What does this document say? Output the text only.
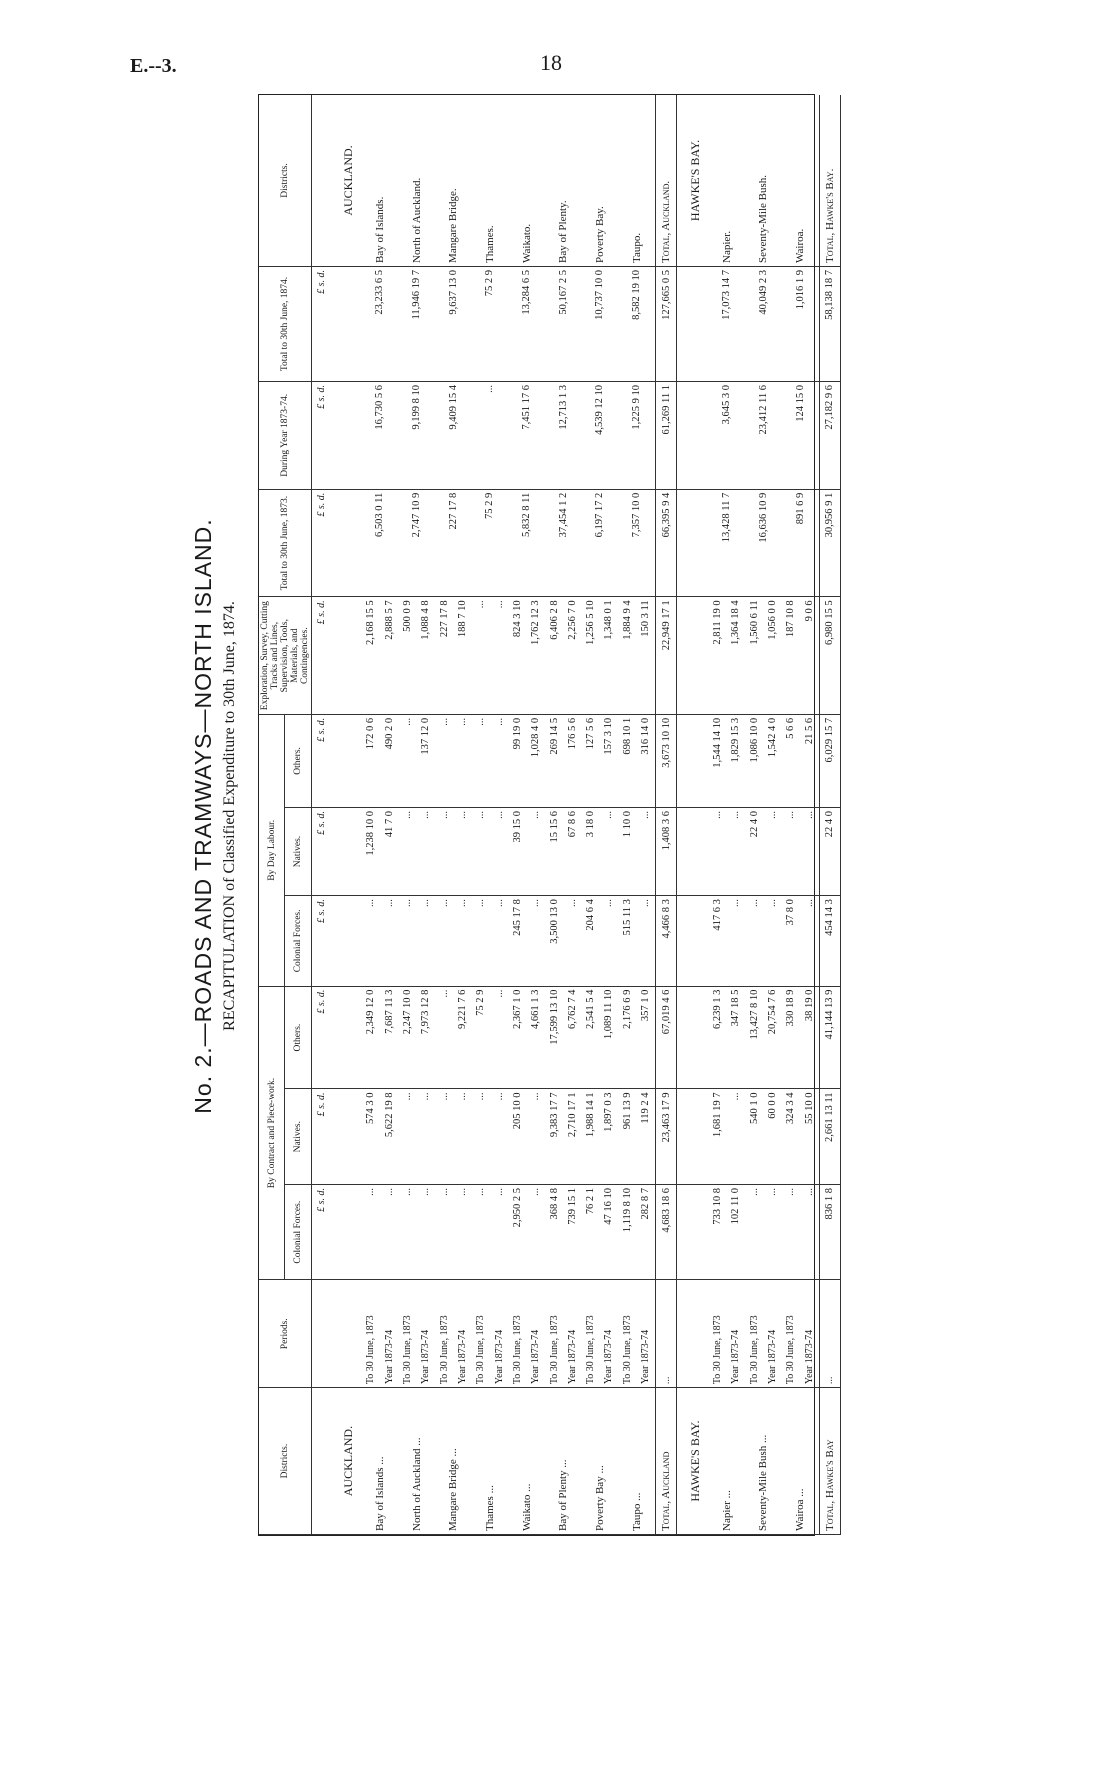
E.--3.	18
No. 2.—ROADS AND TRAMWAYS—NORTH ISLAND. RECAPITULATION of Classified Expenditure to 30th June, 1874.
Districts.	Periods.	By Contract and Piece-work.			By Day Labour.			Exploration, Survey, Cutting Tracks and Lines, Supervision, Tools, Materials, and Contingencies.	Total to 30th June, 1873.	During Year 1873-74.	Total to 30th June, 1874.	Districts.
		Colonial Forces.	Natives.	Others.	Colonial Forces.	Natives.	Others.					
		£ s. d.	£ s. d.	£ s. d.	£ s. d.	£ s. d.	£ s. d.	£ s. d.	£ s. d.	£ s. d.	£ s. d.	
AUCKLAND.												AUCKLAND.
Bay of Islands ...	To 30 June, 1873	...	574 3 0	2,349 12 0	...	1,238 10 0	172 0 6	2,168 15 5	6,503 0 11	16,730 5 6	23,233 6 5	Bay of Islands.
	Year 1873-74	...	5,622 19 8	7,687 11 3	...	41 7 0	490 2 0	2,888 5 7				
North of Auckland ...	To 30 June, 1873	...	...	2,247 10 0	...	...	...	500 0 9	2,747 10 9	9,199 8 10	11,946 19 7	North of Auckland.
	Year 1873-74	...	...	7,973 12 8	...	...	137 12 0	1,088 4 8				
Mangare Bridge ...	To 30 June, 1873	...	...	...	...	...	...	227 17 8	227 17 8	9,409 15 4	9,637 13 0	Mangare Bridge.
	Year 1873-74	...	...	9,221 7 6	...	...	...	188 7 10				
Thames ...	To 30 June, 1873	...	...	75 2 9	...	...	...	...	75 2 9	...	75 2 9	Thames.
	Year 1873-74	...	...	...	...	...	...	...				
Waikato ...	To 30 June, 1873	2,950 2 5	205 10 0	2,367 1 0	245 17 8	39 15 0	99 19 0	824 3 10	5,832 8 11	7,451 17 6	13,284 6 5	Waikato.
	Year 1873-74	...	...	4,661 1 3	...	...	1,028 4 0	1,762 12 3				
Bay of Plenty ...	To 30 June, 1873	368 4 8	9,383 17 7	17,599 13 10	3,500 13 0	15 15 6	269 14 5	6,406 2 8	37,454 1 2	12,713 1 3	50,167 2 5	Bay of Plenty.
	Year 1873-74	739 15 1	2,710 17 1	6,762 7 4	...	67 8 6	176 5 6	2,256 7 0				
Poverty Bay ...	To 30 June, 1873	76 2 1	1,988 14 1	2,541 5 4	204 6 4	3 18 0	127 5 6	1,256 5 10	6,197 17 2	4,539 12 10	10,737 10 0	Poverty Bay.
	Year 1873-74	47 16 10	1,897 0 3	1,089 11 10	...	...	157 3 10	1,348 0 1				
Taupo ...	To 30 June, 1873	1,119 8 10	961 13 9	2,176 6 9	515 11 3	1 10 0	698 10 1	1,884 9 4	7,357 10 0	1,225 9 10	8,582 19 10	Taupo.
	Year 1873-74	282 8 7	119 2 4	357 1 0	...	...	316 14 0	150 3 11				
Total, Auckland	...	4,683 18 6	23,463 17 9	67,019 4 6	4,466 8 3	1,408 3 6	3,673 10 10	22,949 17 1	66,395 9 4	61,269 11 1	127,665 0 5	Total, Auckland.
HAWKE'S BAY.												HAWKE'S BAY.
Napier ...	To 30 June, 1873	733 10 8	1,681 19 7	6,239 1 3	417 6 3	...	1,544 14 10	2,811 19 0	13,428 11 7	3,645 3 0	17,073 14 7	Napier.
	Year 1873-74	102 11 0	...	347 18 5	...	...	1,829 15 3	1,364 18 4				
Seventy-Mile Bush ...	To 30 June, 1873	...	540 1 0	13,427 8 10	...	22 4 0	1,086 10 0	1,560 6 11	16,636 10 9	23,412 11 6	40,049 2 3	Seventy-Mile Bush.
	Year 1873-74	...	60 0 0	20,754 7 6	...	...	1,542 4 0	1,056 0 0				
Wairoa ...	To 30 June, 1873	...	324 3 4	330 18 9	37 8 0	...	5 6 6	187 10 8	891 6 9	124 15 0	1,016 1 9	Wairoa.
	Year 1873-74	...	55 10 0	38 19 0	...	...	21 5 6	9 0 6				
Total, Hawke's Bay	...	836 1 8	2,661 13 11	41,144 13 9	454 14 3	22 4 0	6,029 15 7	6,980 15 5	30,956 9 1	27,182 9 6	58,138 18 7	Total, Hawke's Bay.
